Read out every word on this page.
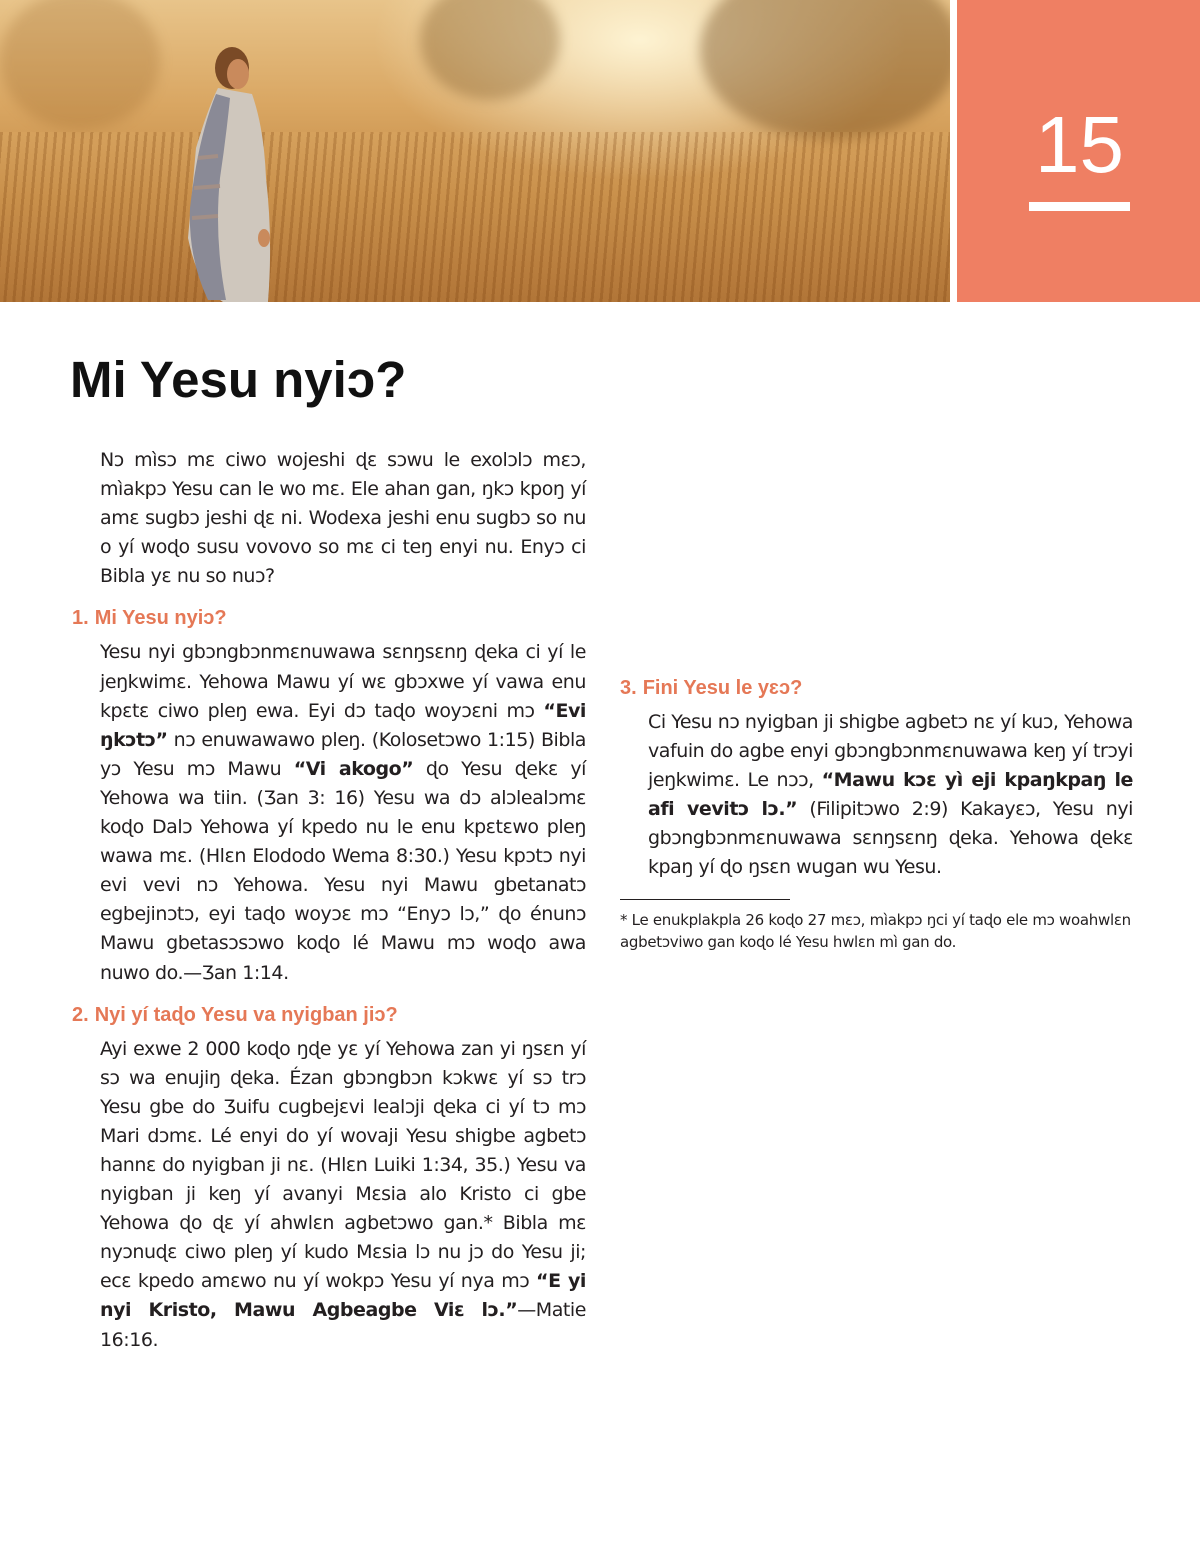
15
Mi Yesu nyiɔ?

Nɔ mìsɔ mɛ ciwo wojeshi ɖɛ sɔwu le exolɔlɔ mɛɔ, mìakpɔ Yesu can le wo mɛ. Ele ahan gan, ŋkɔ kpoŋ yí amɛ sugbɔ jeshi ɖɛ ni. Wodexa jeshi enu sugbɔ so nu o yí woɖo susu vovovo so mɛ ci teŋ enyi nu. Enyɔ ci Bibla yɛ nu so nuɔ?

1. Mi Yesu nyiɔ?

Yesu nyi gbɔngbɔnmɛnuwawa sɛnŋsɛnŋ ɖeka ci yí le jeŋkwimɛ. Yehowa Mawu yí wɛ gbɔxwe yí vawa enu kpɛtɛ ciwo pleŋ ewa. Eyi dɔ taɖo woyɔɛni mɔ “Evi ŋkɔtɔ” nɔ enuwawawo pleŋ. (Kolosetɔwo 1:15) Bibla yɔ Yesu mɔ Mawu “Vi akogo” ɖo Yesu ɖekɛ yí Yehowa wa tiin. (Ʒan 3: 16) Yesu wa dɔ alɔlealɔmɛ koɖo Dalɔ Yehowa yí kpedo nu le enu kpɛtɛwo pleŋ wawa mɛ. (Hlɛn Elododo Wema 8:30.) Yesu kpɔtɔ nyi evi vevi nɔ Yehowa. Yesu nyi Mawu gbetanatɔ egbejinɔtɔ, eyi taɖo woyɔɛ mɔ “Enyɔ lɔ,” ɖo énunɔ Mawu gbetasɔsɔwo koɖo lé Mawu mɔ woɖo awa nuwo do.—Ʒan 1:14.

2. Nyi yí taɖo Yesu va nyigban jiɔ?

Ayi exwe 2 000 koɖo ŋɖe yɛ yí Yehowa zan yi ŋsɛn yí sɔ wa enujiŋ ɖeka. Ézan gbɔngbɔn kɔkwɛ yí sɔ trɔ Yesu gbe do Ʒuifu cugbejɛvi lealɔji ɖeka ci yí tɔ mɔ Mari dɔmɛ. Lé enyi do yí wovaji Yesu shigbe agbetɔ hannɛ do nyigban ji nɛ. (Hlɛn Luiki 1:34, 35.) Yesu va nyigban ji keŋ yí avanyi Mɛsia alo Kristo ci gbe Yehowa ɖo ɖɛ yí ahwlɛn agbetɔwo gan.* Bibla mɛ nyɔnuɖɛ ciwo pleŋ yí kudo Mɛsia lɔ nu jɔ do Yesu ji; ecɛ kpedo amɛwo nu yí wokpɔ Yesu yí nya mɔ “E yi nyi Kristo, Mawu Agbeagbe Viɛ lɔ.”—Matie 16:16.

3. Fini Yesu le yɛɔ?

Ci Yesu nɔ nyigban ji shigbe agbetɔ nɛ yí kuɔ, Yehowa vafuin do agbe enyi gbɔngbɔnmɛnuwawa keŋ yí trɔyi jeŋkwimɛ. Le nɔɔ, “Mawu kɔɛ yì eji kpaŋkpaŋ le afi vevitɔ lɔ.” (Filipitɔwo 2:9) Kakayɛɔ, Yesu nyi gbɔngbɔnmɛnuwawa sɛnŋsɛnŋ ɖeka. Yehowa ɖekɛ kpaŋ yí ɖo ŋsɛn wugan wu Yesu.

* Le enukplakpla 26 koɖo 27 mɛɔ, mìakpɔ ŋci yí taɖo ele mɔ woahwlɛn agbetɔviwo gan koɖo lé Yesu hwlɛn mì gan do.
